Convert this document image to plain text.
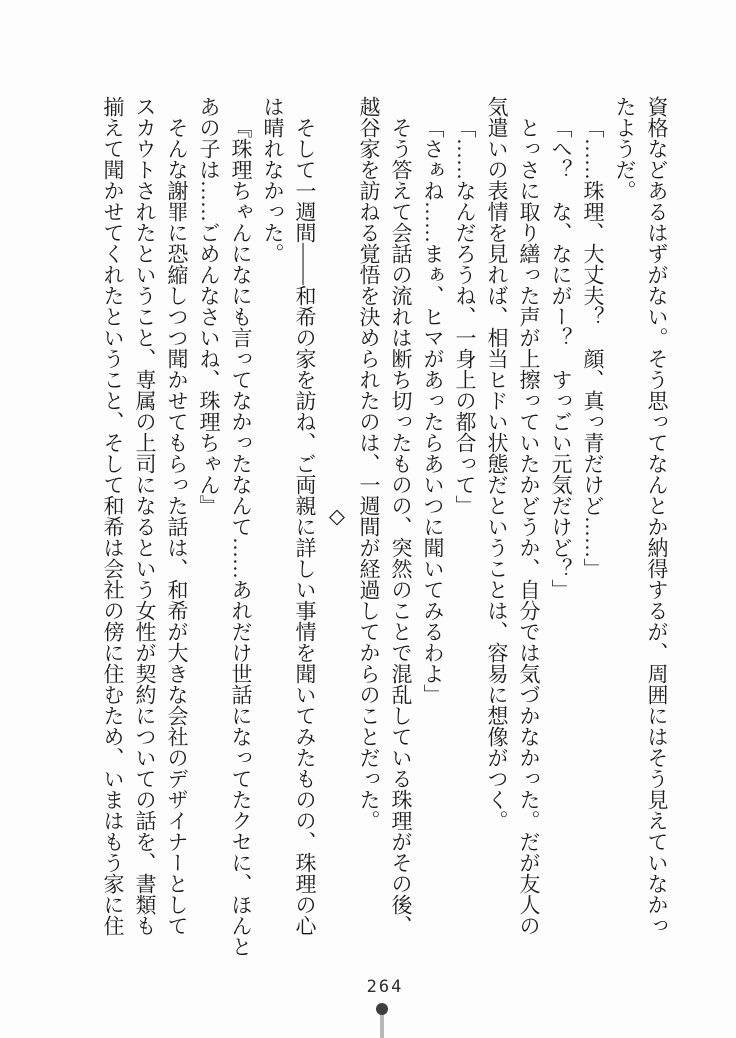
資格などあるはずがない。そう思ってなんとか納得するが、周囲にはそう見えていなかっ
たようだ。
「……珠理、大丈夫？　顔、真っ青だけど……」
「へ？　な、なにがー？　すっごい元気だけど？」
とっさに取り繕った声が上擦っていたかどうか、自分では気づかなかった。だが友人の
気遣いの表情を見れば、相当ヒドい状態だということは、容易に想像がつく。
「……なんだろうね、一身上の都合って」
「さぁね……まぁ、ヒマがあったらあいつに聞いてみるわよ」
そう答えて会話の流れは断ち切ったものの、突然のことで混乱している珠理がその後、
越谷家を訪ねる覚悟を決められたのは、一週間が経過してからのことだった。
◇
そして一週間――和希の家を訪ね、ご両親に詳しい事情を聞いてみたものの、珠理の心
は晴れなかった。
『珠理ちゃんになにも言ってなかったなんて……あれだけ世話になってたクセに、ほんと
あの子は……ごめんなさいね、珠理ちゃん』
そんな謝罪に恐縮しつつ聞かせてもらった話は、和希が大きな会社のデザイナーとして
スカウトされたということ、専属の上司になるという女性が契約についての話を、書類も
揃えて聞かせてくれたということ、そして和希は会社の傍に住むため、いまはもう家に住
264
